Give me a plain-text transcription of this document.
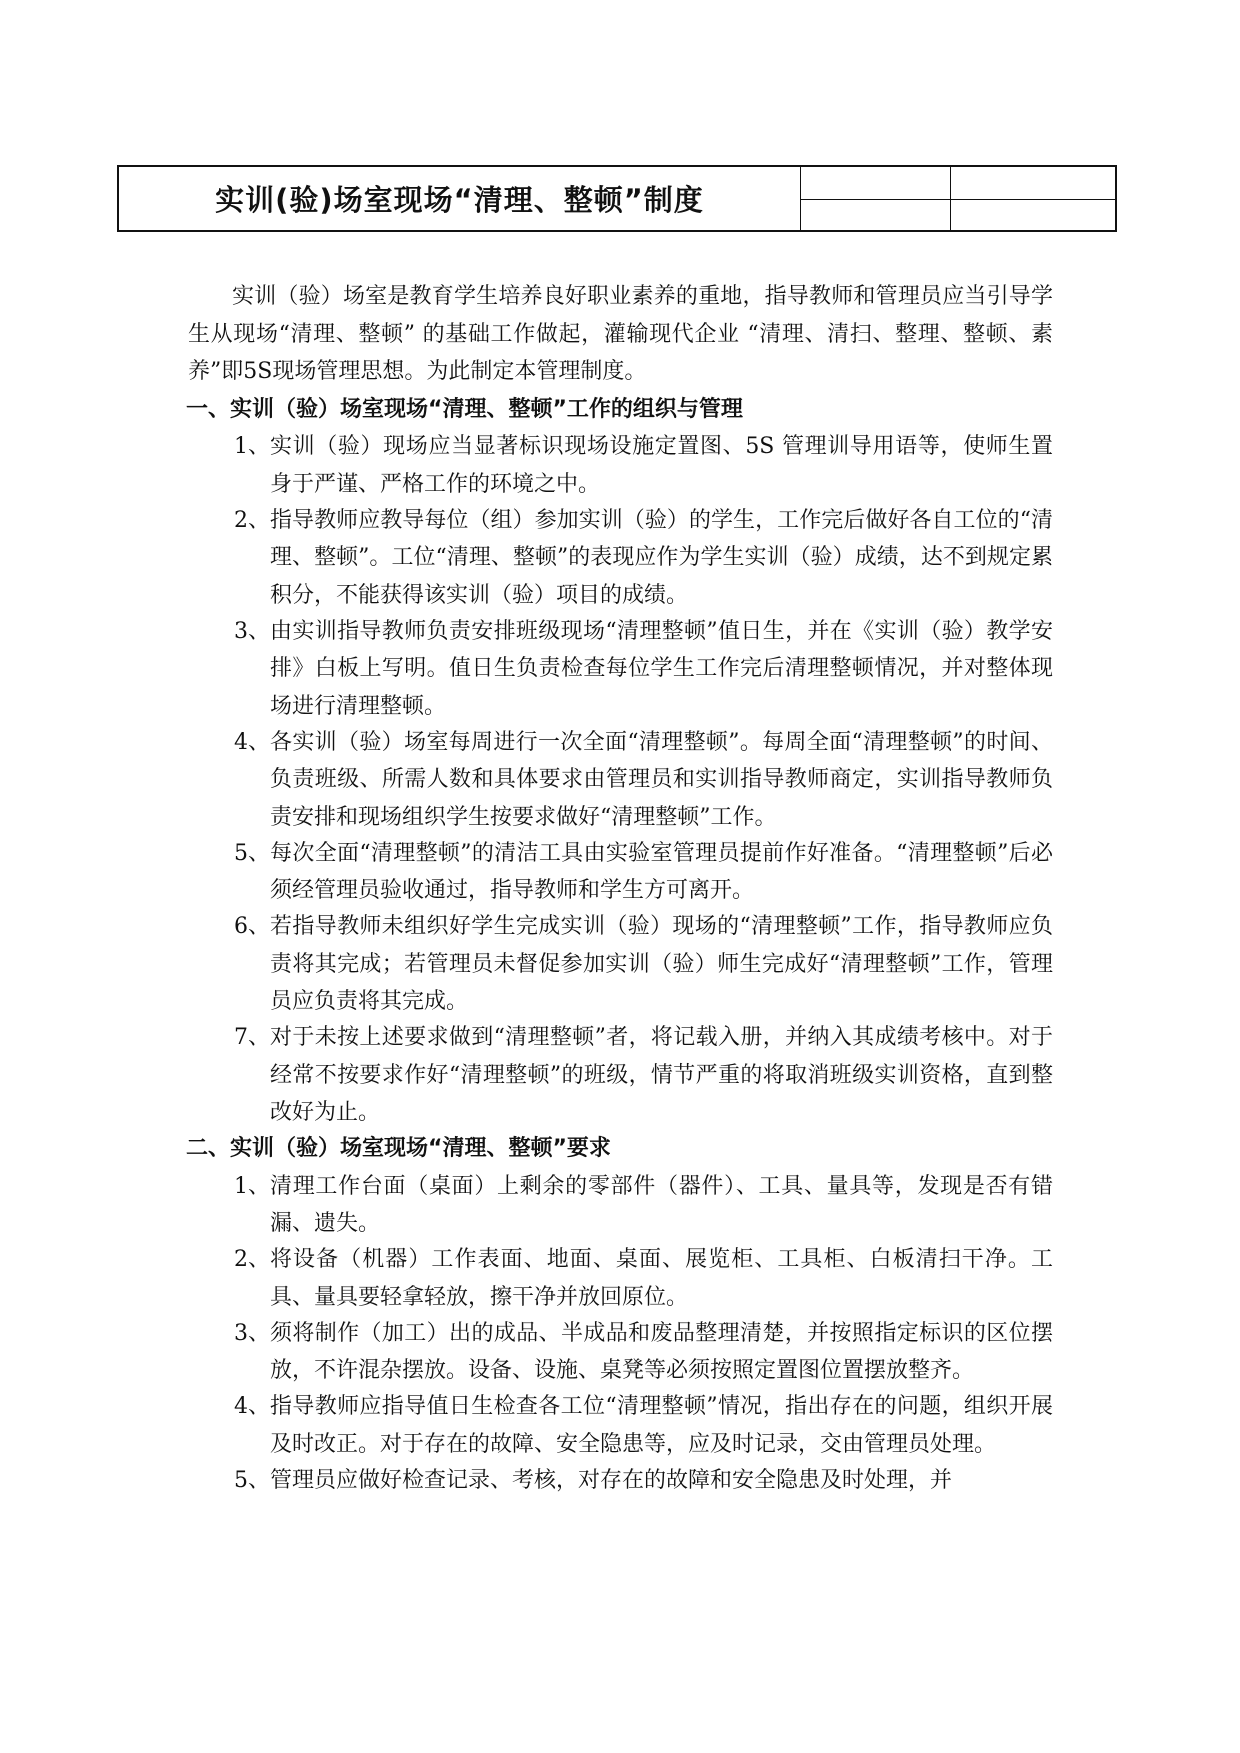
实训(验)场室现场“清理、整顿”制度

实训（验）场室是教育学生培养良好职业素养的重地，指导教师和管理员应当引导学生从现场“清理、整顿” 的基础工作做起，灌输现代企业 “清理、清扫、整理、整顿、素养”即5S现场管理思想。为此制定本管理制度。

一、实训（验）场室现场“清理、整顿”工作的组织与管理
1、 实训（验）现场应当显著标识现场设施定置图、5S 管理训导用语等，使师生置身于严谨、严格工作的环境之中。
2、 指导教师应教导每位（组）参加实训（验）的学生，工作完后做好各自工位的“清理、整顿”。工位“清理、整顿”的表现应作为学生实训（验）成绩，达不到规定累积分，不能获得该实训（验）项目的成绩。
3、 由实训指导教师负责安排班级现场“清理整顿”值日生，并在《实训（验）教学安排》白板上写明。值日生负责检查每位学生工作完后清理整顿情况，并对整体现场进行清理整顿。
4、 各实训（验）场室每周进行一次全面“清理整顿”。每周全面“清理整顿”的时间、负责班级、所需人数和具体要求由管理员和实训指导教师商定，实训指导教师负责安排和现场组织学生按要求做好“清理整顿”工作。
5、 每次全面“清理整顿”的清洁工具由实验室管理员提前作好准备。“清理整顿”后必须经管理员验收通过，指导教师和学生方可离开。
6、 若指导教师未组织好学生完成实训（验）现场的“清理整顿”工作，指导教师应负责将其完成；若管理员未督促参加实训（验）师生完成好“清理整顿”工作，管理员应负责将其完成。
7、 对于未按上述要求做到“清理整顿”者，将记载入册，并纳入其成绩考核中。对于经常不按要求作好“清理整顿”的班级，情节严重的将取消班级实训资格，直到整改好为止。
二、实训（验）场室现场“清理、整顿”要求
1、 清理工作台面（桌面）上剩余的零部件（器件）、工具、量具等，发现是否有错漏、遗失。
2、 将设备（机器）工作表面、地面、桌面、展览柜、工具柜、白板清扫干净。工具、量具要轻拿轻放，擦干净并放回原位。
3、 须将制作（加工）出的成品、半成品和废品整理清楚，并按照指定标识的区位摆放，不许混杂摆放。设备、设施、桌凳等必须按照定置图位置摆放整齐。
4、 指导教师应指导值日生检查各工位“清理整顿”情况，指出存在的问题，组织开展及时改正。对于存在的故障、安全隐患等，应及时记录，交由管理员处理。
5、 管理员应做好检查记录、考核，对存在的故障和安全隐患及时处理，并
